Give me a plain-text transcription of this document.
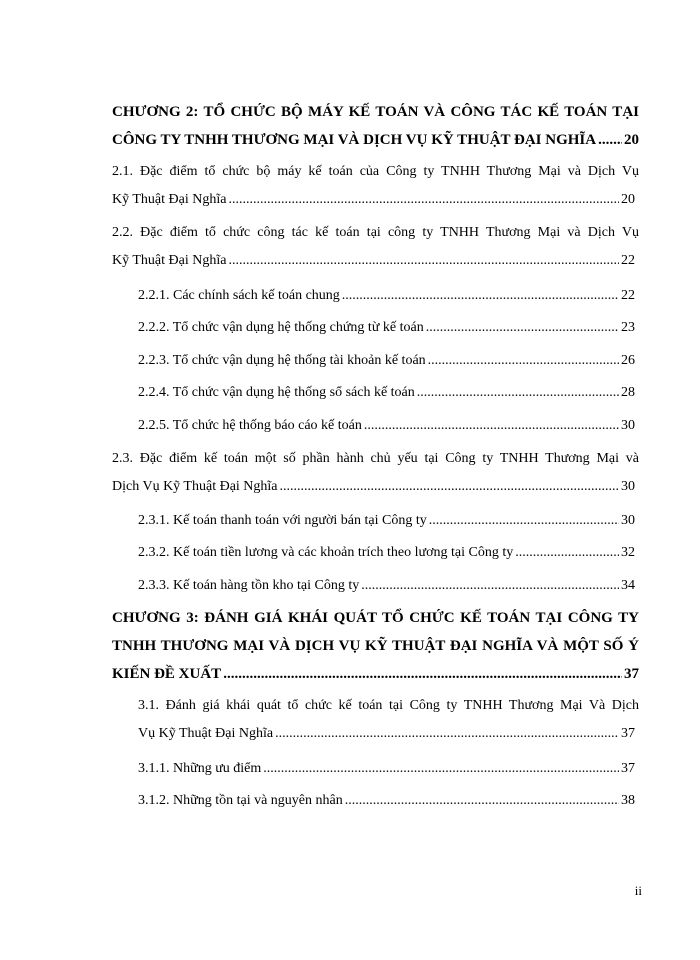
CHƯƠNG 2: TỔ CHỨC BỘ MÁY KẾ TOÁN VÀ CÔNG TÁC KẾ TOÁN TẠI
CÔNG TY TNHH THƯƠNG MẠI VÀ DỊCH VỤ KỸ THUẬT ĐẠI NGHĨA ..... 20
2.1. Đặc điểm tổ chức bộ máy kế toán của Công ty TNHH Thương Mại và Dịch Vụ
Kỹ Thuật Đại Nghĩa .....	20
2.2. Đặc điểm tổ chức công tác kế toán tại công ty TNHH Thương Mại và Dịch Vụ
Kỹ Thuật Đại Nghĩa .....	22
2.2.1. Các chính sách kế toán chung .....	22
2.2.2. Tổ chức vận dụng hệ thống chứng từ kế toán .....	23
2.2.3. Tổ chức vận dụng hệ thống tài khoản kế toán .....	26
2.2.4. Tổ chức vận dụng hệ thống sổ sách kế toán .....	28
2.2.5. Tổ chức hệ thống báo cáo kế toán .....	30
2.3. Đặc điểm kế toán một số phần hành chủ yếu tại Công ty TNHH Thương Mại và
Dịch Vụ Kỹ Thuật Đại Nghĩa .....	30
2.3.1. Kế toán thanh toán với người bán tại Công ty .....	30
2.3.2. Kế toán tiền lương và các khoản trích theo lương tại Công ty .....	32
2.3.3. Kế toán hàng tồn kho tại Công ty .....	34
CHƯƠNG 3: ĐÁNH GIÁ KHÁI QUÁT TỔ CHỨC KẾ TOÁN TẠI CÔNG TY
TNHH THƯƠNG MẠI VÀ DỊCH VỤ KỸ THUẬT ĐẠI NGHĨA VÀ MỘT SỐ Ý
KIẾN ĐỀ XUẤT .....	37
3.1. Đánh giá khái quát tổ chức kế toán tại Công ty TNHH Thương Mại Và Dịch
Vụ Kỹ Thuật Đại Nghĩa .....	37
3.1.1. Những ưu điểm .....	37
3.1.2. Những tồn tại và nguyên nhân .....	38
ii
